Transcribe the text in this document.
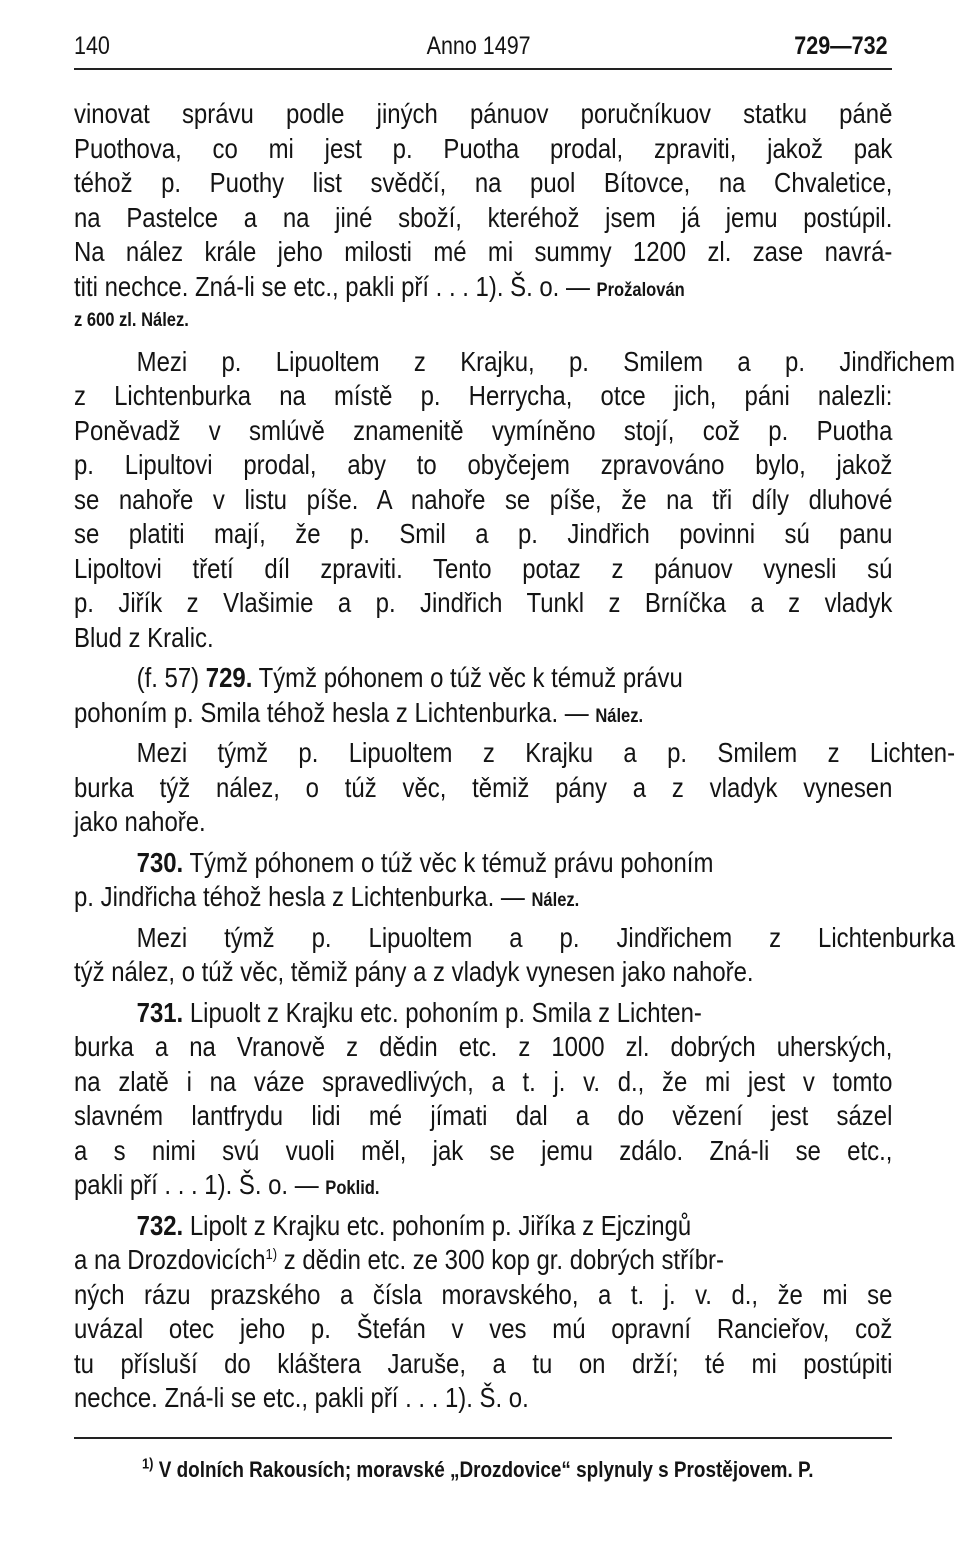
140	Anno 1497	729—732
vinovat správu podle jiných pánuov poručníkuov statku páně
Puothova, co mi jest p. Puotha prodal, zpraviti, jakož pak
téhož p. Puothy list svědčí, na puol Bítovce, na Chvaletice,
na Pastelce a na jiné sboží, kteréhož jsem já jemu postúpil.
Na nález krále jeho milosti mé mi summy 1200 zl. zase navrá-
titi nechce. Zná-li se etc., pakli pří . . . 1). Š. o. — Prožalován
z 600 zl. Nález.
Mezi p. Lipuoltem z Krajku, p. Smilem a p. Jindřichem
z Lichtenburka na místě p. Herrycha, otce jich, páni nalezli:
Poněvadž v smlúvě znamenitě vymíněno stojí, což p. Puotha
p. Lipultovi prodal, aby to obyčejem zpravováno bylo, jakož
se nahoře v listu píše. A nahoře se píše, že na tři díly dluhové
se platiti mají, že p. Smil a p. Jindřich povinni sú panu
Lipoltovi třetí díl zpraviti. Tento potaz z pánuov vynesli sú
p. Jiřík z Vlašimie a p. Jindřich Tunkl z Brníčka a z vladyk
Blud z Kralic.
(f. 57) 729. Týmž póhonem o túž věc k témuž právu
pohoním p. Smila téhož hesla z Lichtenburka. — Nález.
Mezi týmž p. Lipuoltem z Krajku a p. Smilem z Lichten-
burka týž nález, o túž věc, těmiž pány a z vladyk vynesen
jako nahoře.
730. Týmž póhonem o túž věc k témuž právu pohoním
p. Jindřicha téhož hesla z Lichtenburka. — Nález.
Mezi týmž p. Lipuoltem a p. Jindřichem z Lichtenburka
týž nález, o túž věc, těmiž pány a z vladyk vynesen jako nahoře.
731. Lipuolt z Krajku etc. pohoním p. Smila z Lichten-
burka a na Vranově z dědin etc. z 1000 zl. dobrých uherských,
na zlatě i na váze spravedlivých, a t. j. v. d., že mi jest v tomto
slavném lantfrydu lidi mé jímati dal a do vězení jest sázel
a s nimi svú vuoli měl, jak se jemu zdálo. Zná-li se etc.,
pakli pří . . . 1). Š. o. — Poklid.
732. Lipolt z Krajku etc. pohoním p. Jiříka z Ejczingů
a na Drozdovicích$^{1)}$ z dědin etc. ze 300 kop gr. dobrých stříbr-
ných rázu prazského a čísla moravského, a t. j. v. d., že mi se
uvázal otec jeho p. Štefán v ves mú opravní Rancieřov, což
tu přísluší do kláštera Jaruše, a tu on drží; té mi postúpiti
nechce. Zná-li se etc., pakli pří . . . 1). Š. o.
$^{1)}$ V dolních Rakousích; moravské „Drozdovice“ splynuly s Prostějovem. P.
